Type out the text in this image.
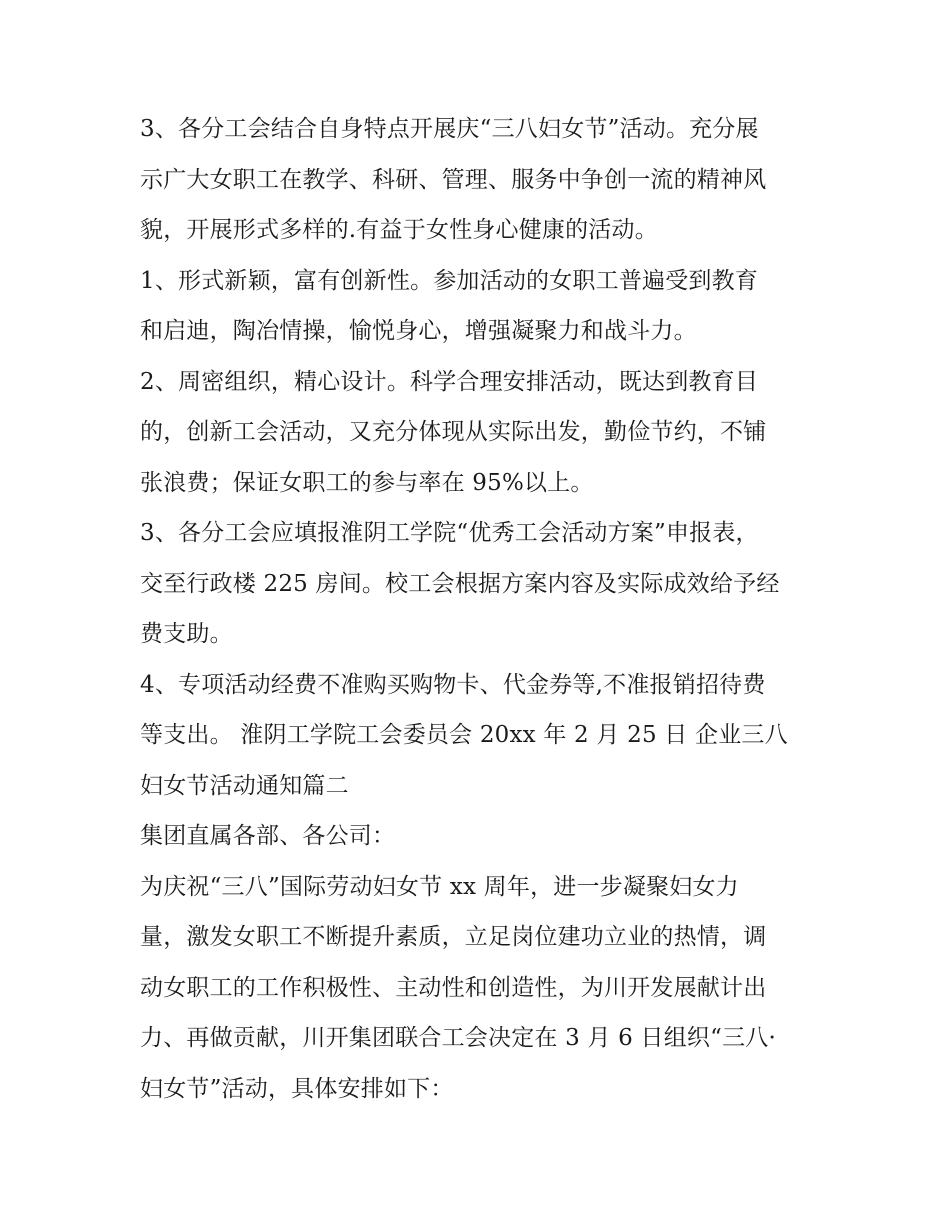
3、各分工会结合自身特点开展庆“三八妇女节”活动。充分展
示广大女职工在教学、科研、管理、服务中争创一流的精神风
貌，开展形式多样的.有益于女性身心健康的活动。
1、形式新颖，富有创新性。参加活动的女职工普遍受到教育
和启迪，陶冶情操，愉悦身心，增强凝聚力和战斗力。
2、周密组织，精心设计。科学合理安排活动，既达到教育目
的，创新工会活动，又充分体现从实际出发，勤俭节约，不铺
张浪费；保证女职工的参与率在 95%以上。
3、各分工会应填报淮阴工学院“优秀工会活动方案”申报表，
交至行政楼 225 房间。校工会根据方案内容及实际成效给予经
费支助。
4、专项活动经费不准购买购物卡、代金券等,不准报销招待费
等支出。 淮阴工学院工会委员会 20xx 年 2 月 25 日 企业三八
妇女节活动通知篇二
集团直属各部、各公司：
为庆祝“三八”国际劳动妇女节 xx 周年，进一步凝聚妇女力
量，激发女职工不断提升素质，立足岗位建功立业的热情，调
动女职工的工作积极性、主动性和创造性，为川开发展献计出
力、再做贡献，川开集团联合工会决定在 3 月 6 日组织“三八·
妇女节”活动，具体安排如下：
